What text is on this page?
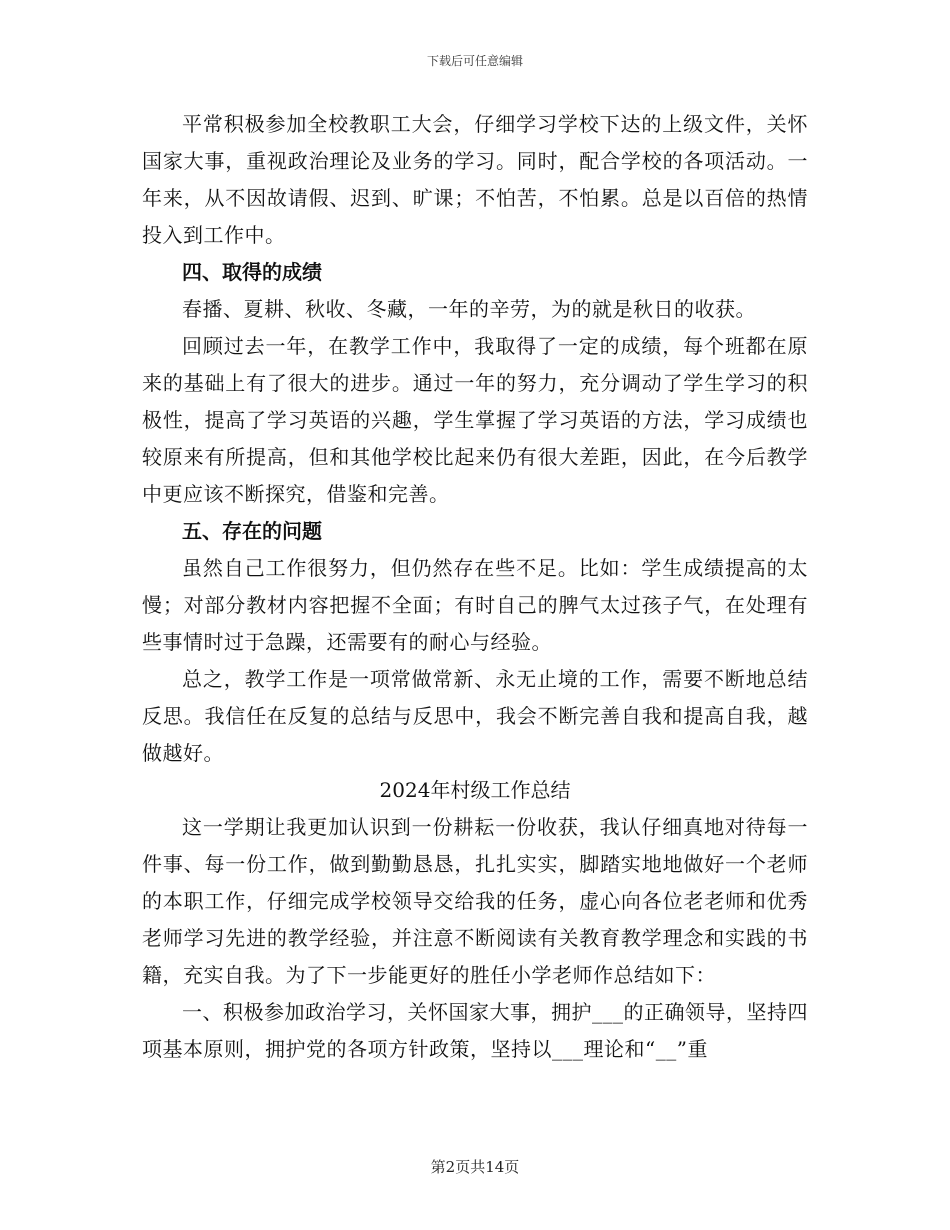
下载后可任意编辑

平常积极参加全校教职工大会，仔细学习学校下达的上级文件，关怀国家大事，重视政治理论及业务的学习。同时，配合学校的各项活动。一年来，从不因故请假、迟到、旷课；不怕苦，不怕累。总是以百倍的热情投入到工作中。

四、取得的成绩

春播、夏耕、秋收、冬藏，一年的辛劳，为的就是秋日的收获。

回顾过去一年，在教学工作中，我取得了一定的成绩，每个班都在原来的基础上有了很大的进步。通过一年的努力，充分调动了学生学习的积极性，提高了学习英语的兴趣，学生掌握了学习英语的方法，学习成绩也较原来有所提高，但和其他学校比起来仍有很大差距，因此，在今后教学中更应该不断探究，借鉴和完善。

五、存在的问题

虽然自己工作很努力，但仍然存在些不足。比如：学生成绩提高的太慢；对部分教材内容把握不全面；有时自己的脾气太过孩子气，在处理有些事情时过于急躁，还需要有的耐心与经验。

总之，教学工作是一项常做常新、永无止境的工作，需要不断地总结反思。我信任在反复的总结与反思中，我会不断完善自我和提高自我，越做越好。

2024年村级工作总结

这一学期让我更加认识到一份耕耘一份收获，我认仔细真地对待每一件事、每一份工作，做到勤勤恳恳，扎扎实实，脚踏实地地做好一个老师的本职工作，仔细完成学校领导交给我的任务，虚心向各位老老师和优秀老师学习先进的教学经验，并注意不断阅读有关教育教学理念和实践的书籍，充实自我。为了下一步能更好的胜任小学老师作总结如下：

一、积极参加政治学习，关怀国家大事，拥护___的正确领导，坚持四项基本原则，拥护党的各项方针政策，坚持以___理论和“__”重

第2页共14页
